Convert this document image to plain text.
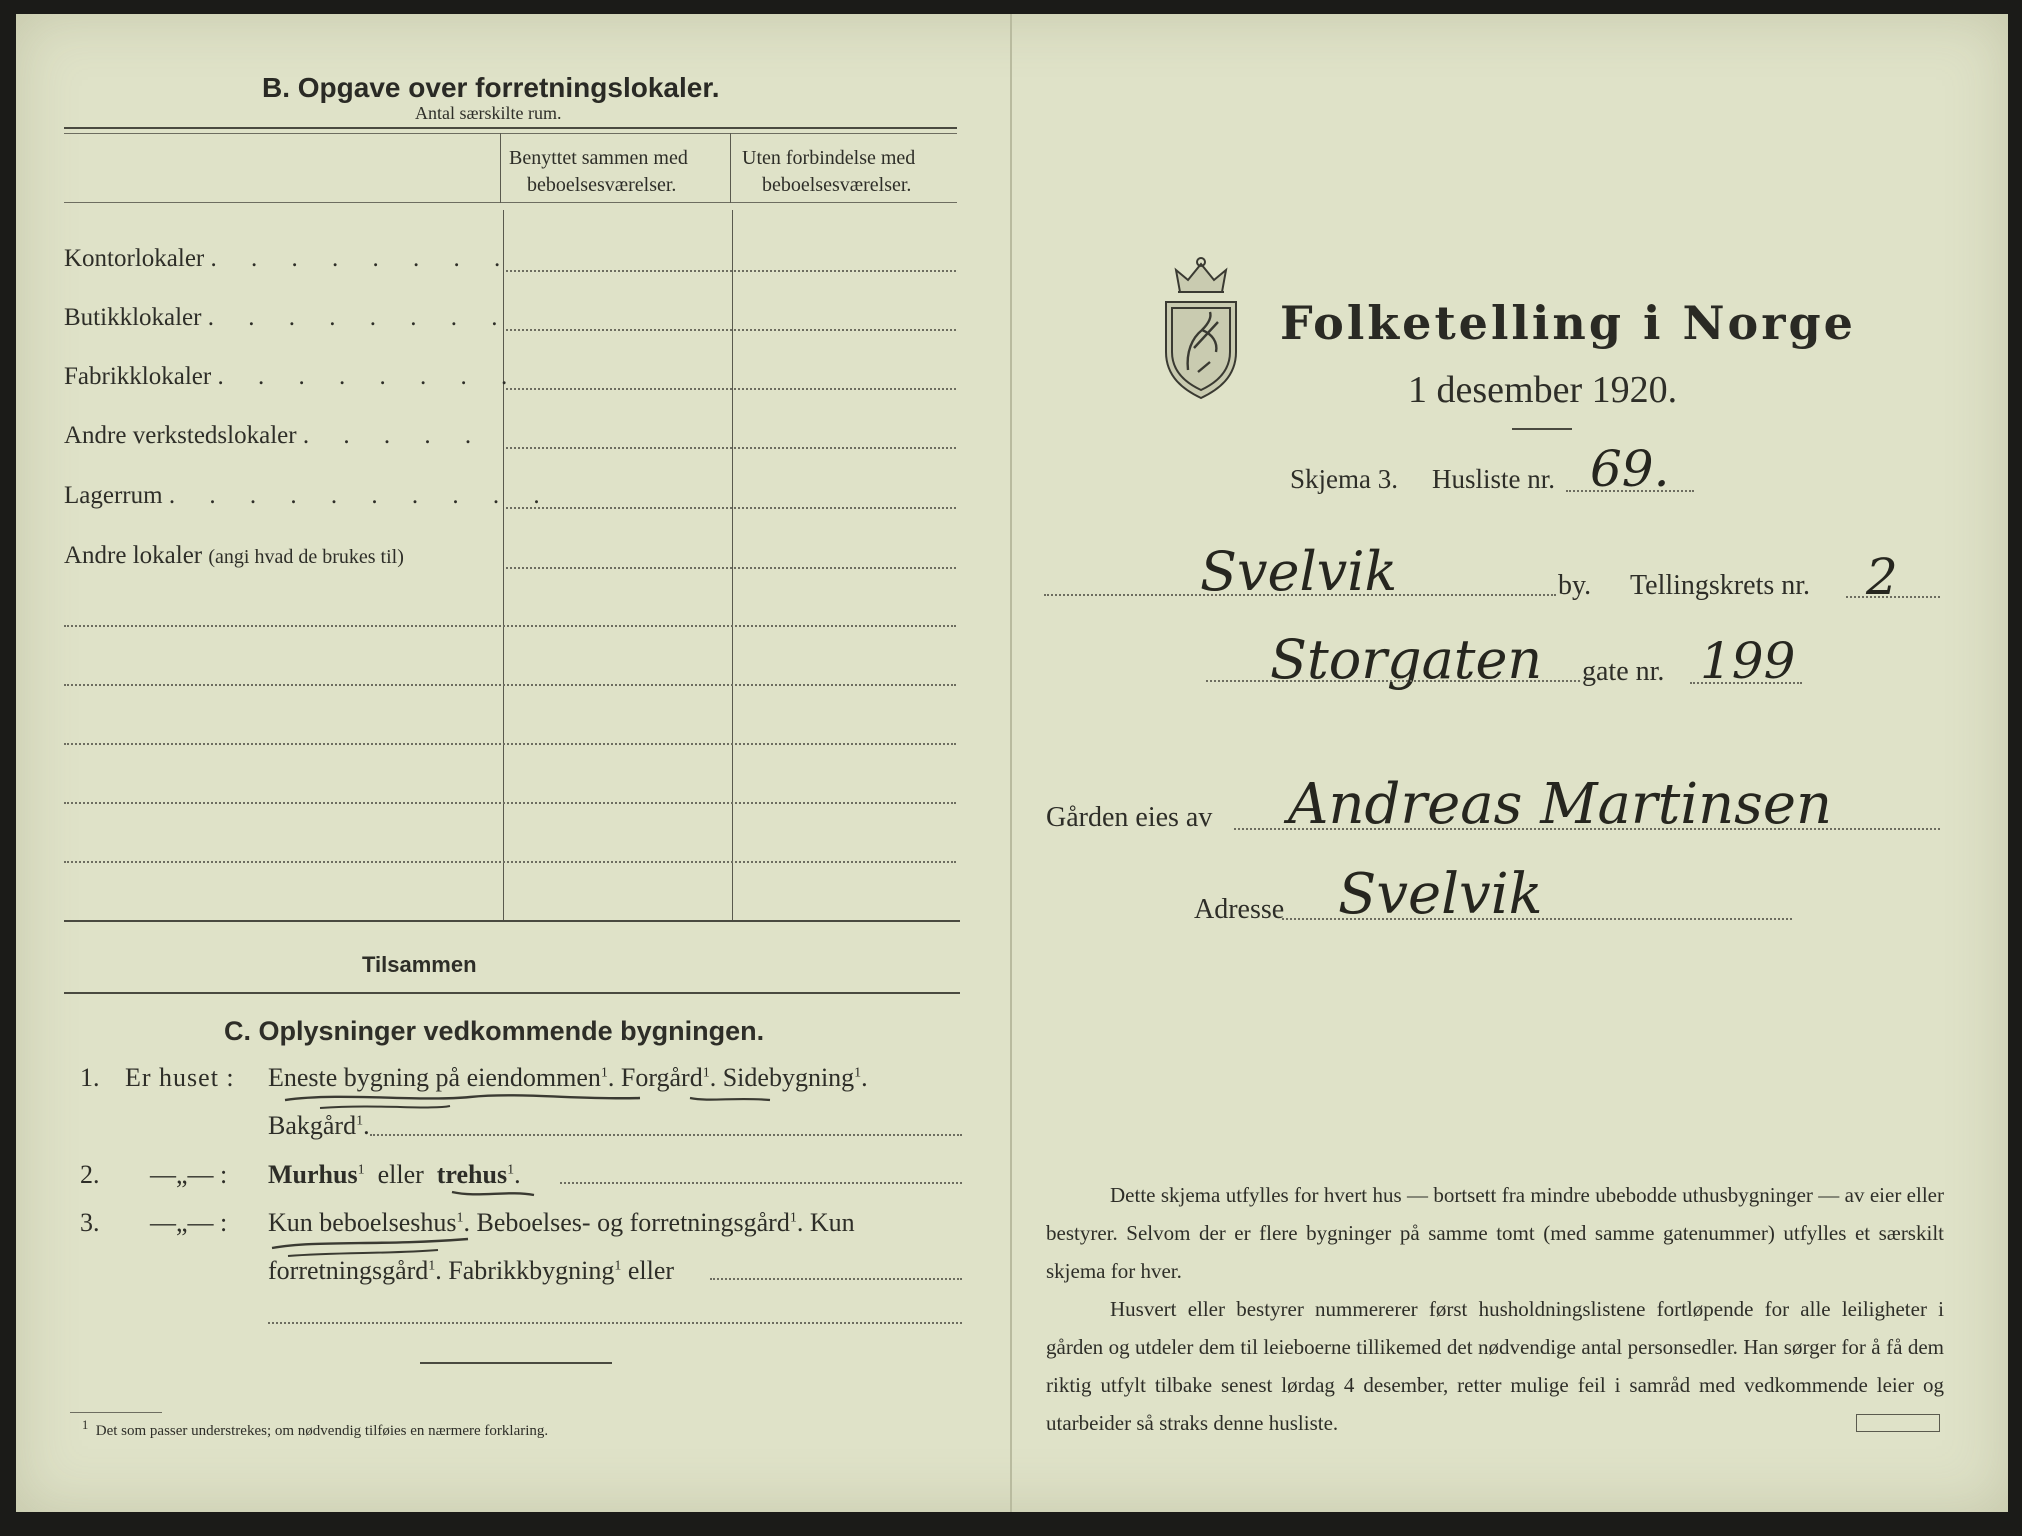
B. Opgave over forretningslokaler.
Antal særskilte rum.
Benyttet sammen med
beboelsesværelser.
Uten forbindelse med
beboelsesværelser.
Kontorlokaler . . . . . . . .
Butikklokaler . . . . . . . .
Fabrikklokaler . . . . . . . .
Andre verkstedslokaler . . . . .
Lagerrum . . . . . . . . . .
Andre lokaler (angi hvad de brukes til)
Tilsammen
C. Oplysninger vedkommende bygningen.
1. Er huset : Eneste bygning på eiendommen$^1$. Forgård$^1$. Sidebygning$^1$.
Bakgård$^1$.
2. —„— : Murhus$^1$ eller trehus$^1$.
3. —„— : Kun beboelseshus$^1$. Beboelses- og forretningsgård$^1$. Kun
forretningsgård$^1$. Fabrikkbygning$^1$ eller
$^1$ Det som passer understrekes; om nødvendig tilføies en nærmere forklaring.
Folketelling i Norge
1 desember 1920.
Skjema 3. Husliste nr. 69.
Svelvik	by. Tellingskrets nr. 2
Storgaten gate nr. 199
Gården eies av Andreas Martinsen
Adresse Svelvik
Dette skjema utfylles for hvert hus — bortsett fra mindre ubebodde uthusbygninger — av eier eller bestyrer. Selvom der er flere bygninger på samme tomt (med samme gatenummer) utfylles et særskilt skjema for hver.
Husvert eller bestyrer nummererer først husholdningslistene fortløpende for alle leiligheter i gården og utdeler dem til leieboerne tillikemed det nødvendige antal personsedler. Han sørger for å få dem riktig utfylt tilbake senest lørdag 4 desember, retter mulige feil i samråd med vedkommende leier og utarbeider så straks denne husliste.
